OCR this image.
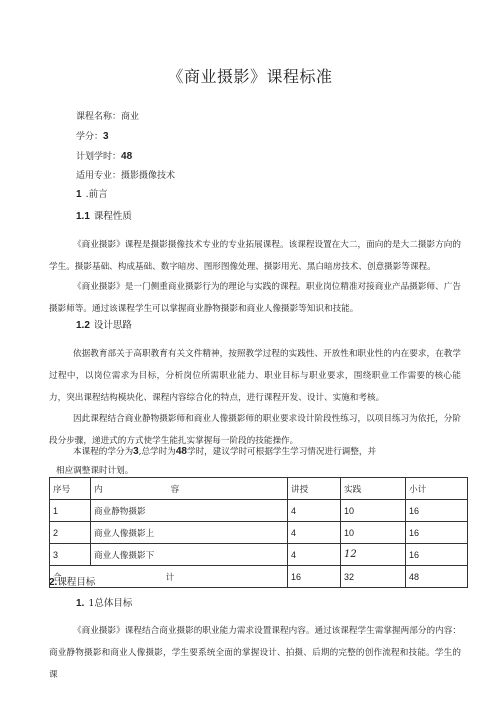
《商业摄影》课程标准
课程名称：商业
学分：3
计划学时：48
适用专业：摄影摄像技术
1 .前言
1.1 课程性质
《商业摄影》课程是摄影摄像技术专业的专业拓展课程。该课程设置在大二，面向的是大二摄影方向的学生。摄影基础、构成基础、数字暗房、图形图像处理、摄影用光、黑白暗房技术、创意摄影等课程。
《商业摄影》是一门侧重商业摄影行为的理论与实践的课程。职业岗位精准对接商业产品摄影师、广告摄影师等。通过该课程学生可以掌握商业静物摄影和商业人像摄影等知识和技能。
1.2 设计思路
依据教育部关于高职教育有关文件精神，按照教学过程的实践性、开放性和职业性的内在要求，在教学过程中，以岗位需求为目标，分析岗位所需职业能力、职业目标与职业要求，围绕职业工作需要的核心能力，突出课程结构模块化、课程内容综合化的特点，进行课程开发、设计、实施和考核。
因此课程结合商业静物摄影师和商业人像摄影师的职业要求设计阶段性练习，以项目练习为依托，分阶段分步骤，递进式的方式使学生能扎实掌握每一阶段的技能操作。
本课程的学分为3,总学时为48学时，建议学时可根据学生学习情况进行调整，并
相应调整课时计划。
序号	内 容	讲授	实践	小计
1	商业静物摄影	4	10	16
2	商业人像摄影上	4	10	16
3	商业人像摄影下	4	12	16
合 计		16	32	48
2.课程目标
1. 1总体目标
《商业摄影》课程结合商业摄影的职业能力需求设置课程内容。通过该课程学生需掌握两部分的内容：商业静物摄影和商业人像摄影，学生要系统全面的掌握设计、拍摄、后期的完整的创作流程和技能。学生的课
